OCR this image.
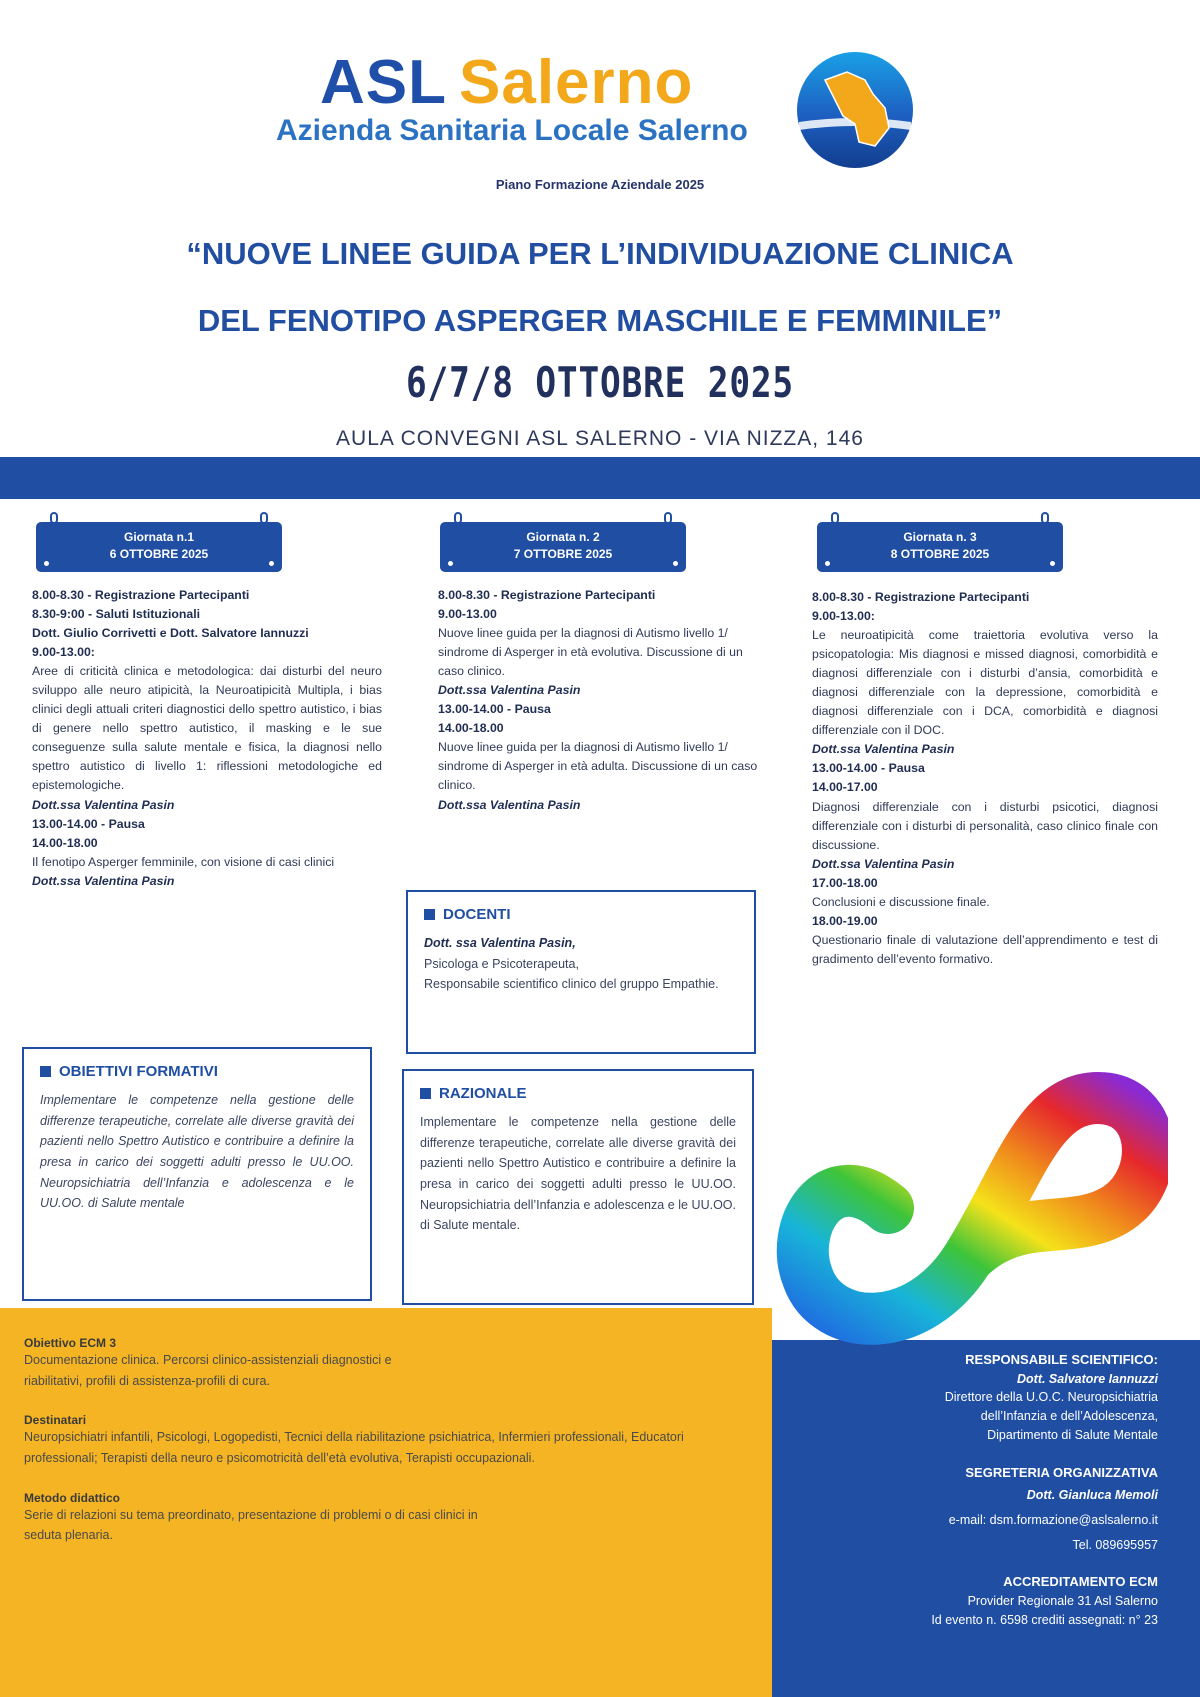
ASL Salerno
Azienda Sanitaria Locale Salerno
Piano Formazione Aziendale 2025
“NUOVE LINEE GUIDA PER L’INDIVIDUAZIONE CLINICA
DEL FENOTIPO ASPERGER MASCHILE E FEMMINILE”
6/7/8 OTTOBRE 2025
AULA CONVEGNI ASL SALERNO - VIA NIZZA, 146
Giornata n.1
6 OTTOBRE 2025
Giornata n. 2
7 OTTOBRE 2025
Giornata n. 3
8 OTTOBRE 2025

8.00-8.30 - Registrazione Partecipanti

8.30-9:00 - Saluti Istituzionali

Dott. Giulio Corrivetti e Dott. Salvatore Iannuzzi

9.00-13.00:

Aree di criticità clinica e metodologica: dai disturbi del neuro sviluppo alle neuro atipicità, la Neuroatipicità Multipla, i bias clinici degli attuali criteri diagnostici dello spettro autistico, i bias di genere nello spettro autistico, il masking e le sue conseguenze sulla salute mentale e fisica, la diagnosi nello spettro autistico di livello 1: riflessioni metodologiche ed epistemologiche.

Dott.ssa Valentina Pasin

13.00-14.00 - Pausa

14.00-18.00

Il fenotipo Asperger femminile, con visione di casi clinici

Dott.ssa Valentina Pasin

8.00-8.30 - Registrazione Partecipanti

9.00-13.00

Nuove linee guida per la diagnosi di Autismo livello 1/ sindrome di Asperger in età evolutiva. Discussione di un caso clinico.

Dott.ssa Valentina Pasin

13.00-14.00 - Pausa

14.00-18.00

Nuove linee guida per la diagnosi di Autismo livello 1/ sindrome di Asperger in età adulta. Discussione di un caso clinico.

Dott.ssa Valentina Pasin

8.00-8.30 - Registrazione Partecipanti

9.00-13.00:

Le neuroatipicità come traiettoria evolutiva verso la psicopatologia: Mis diagnosi e missed diagnosi, comorbidità e diagnosi differenziale con i disturbi d’ansia, comorbidità e diagnosi differenziale con la depressione, comorbidità e diagnosi differenziale con i DCA, comorbidità e diagnosi differenziale con il DOC.

Dott.ssa Valentina Pasin

13.00-14.00 - Pausa

14.00-17.00

Diagnosi differenziale con i disturbi psicotici, diagnosi differenziale con i disturbi di personalità, caso clinico finale con discussione.

Dott.ssa Valentina Pasin

17.00-18.00

Conclusioni e discussione finale.

18.00-19.00

Questionario finale di valutazione dell’apprendimento e test di gradimento dell’evento formativo.

DOCENTI
Dott. ssa Valentina Pasin,
Psicologa e Psicoterapeuta,
Responsabile scientifico clinico del gruppo Empathie.
OBIETTIVI FORMATIVI
Implementare le competenze nella gestione delle differenze terapeutiche, correlate alle diverse gravità dei pazienti nello Spettro Autistico e contribuire a definire la presa in carico dei soggetti adulti presso le UU.OO. Neuropsichiatria dell’Infanzia e adolescenza e le UU.OO. di Salute mentale
RAZIONALE
Implementare le competenze nella gestione delle differenze terapeutiche, correlate alle diverse gravità dei pazienti nello Spettro Autistico e contribuire a definire la presa in carico dei soggetti adulti presso le UU.OO. Neuropsichiatria dell’Infanzia e adolescenza e le UU.OO. di Salute mentale.
Obiettivo ECM 3

Documentazione clinica. Percorsi clinico-assistenziali diagnostici e riabilitativi, profili di assistenza-profili di cura.

Destinatari

Neuropsichiatri infantili, Psicologi, Logopedisti, Tecnici della riabilitazione psichiatrica, Infermieri professionali, Educatori professionali; Terapisti della neuro e psicomotricità dell’età evolutiva, Terapisti occupazionali.

Metodo didattico

Serie di relazioni su tema preordinato, presentazione di problemi o di casi clinici in seduta plenaria.

RESPONSABILE SCIENTIFICO:
Dott. Salvatore Iannuzzi
Direttore della U.O.C. Neuropsichiatria
dell’Infanzia e dell’Adolescenza,
Dipartimento di Salute Mentale
SEGRETERIA ORGANIZZATIVA
Dott. Gianluca Memoli
e-mail: dsm.formazione@aslsalerno.it
Tel. 089695957
ACCREDITAMENTO ECM
Provider Regionale 31 Asl Salerno
Id evento n. 6598 crediti assegnati: n° 23
